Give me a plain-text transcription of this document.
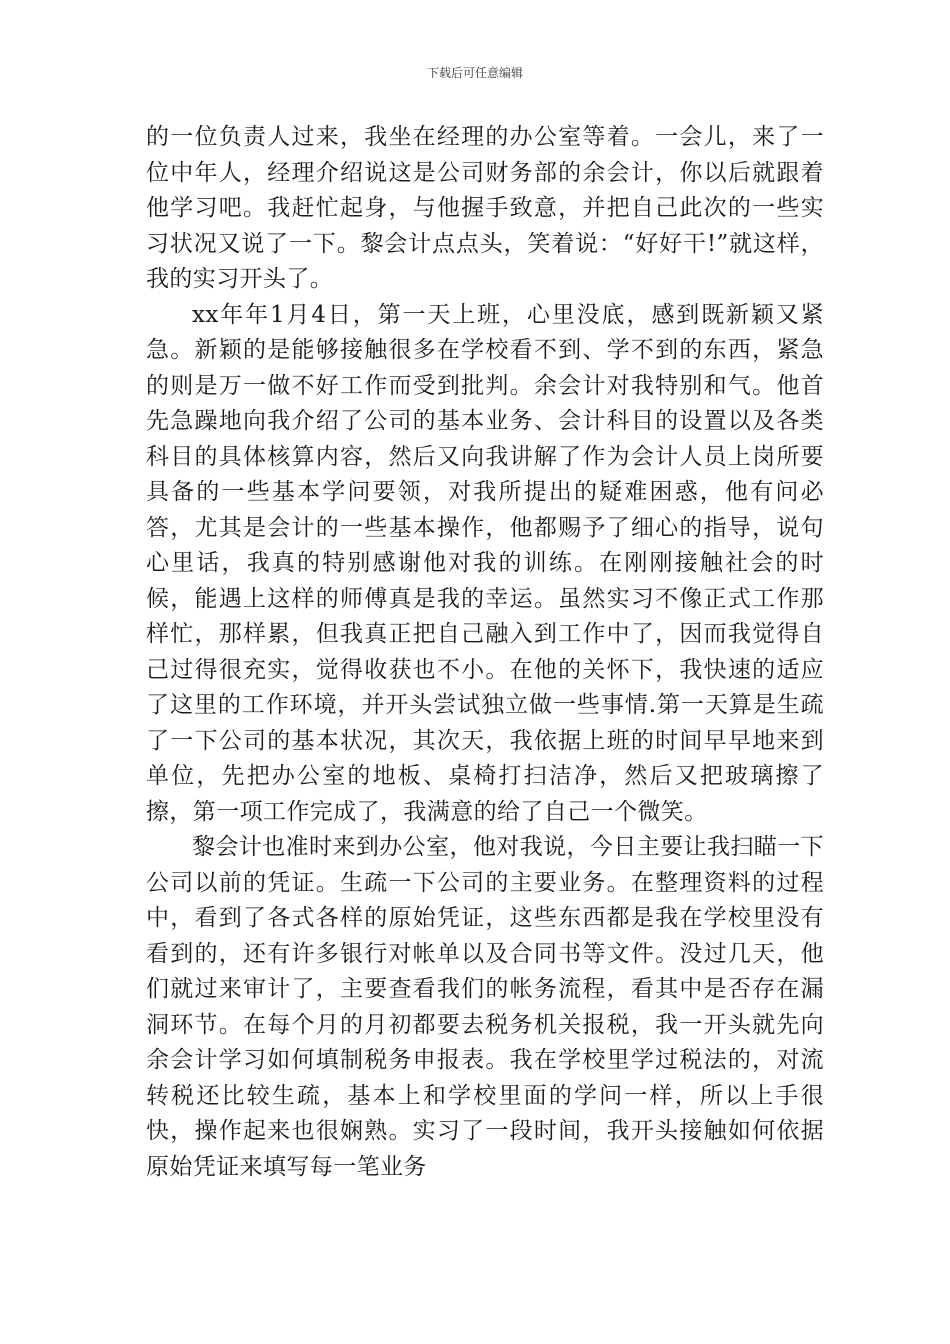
下载后可任意编辑

的一位负责人过来，我坐在经理的办公室等着。一会儿，来了一位中年人，经理介绍说这是公司财务部的余会计，你以后就跟着他学习吧。我赶忙起身，与他握手致意，并把自己此次的一些实习状况又说了一下。黎会计点点头，笑着说：“好好干!”就这样，我的实习开头了。

xx年年1月4日，第一天上班，心里没底，感到既新颖又紧急。新颖的是能够接触很多在学校看不到、学不到的东西，紧急的则是万一做不好工作而受到批判。余会计对我特别和气。他首先急躁地向我介绍了公司的基本业务、会计科目的设置以及各类科目的具体核算内容，然后又向我讲解了作为会计人员上岗所要具备的一些基本学问要领，对我所提出的疑难困惑，他有问必答，尤其是会计的一些基本操作，他都赐予了细心的指导，说句心里话，我真的特别感谢他对我的训练。在刚刚接触社会的时候，能遇上这样的师傅真是我的幸运。虽然实习不像正式工作那样忙，那样累，但我真正把自己融入到工作中了，因而我觉得自己过得很充实，觉得收获也不小。在他的关怀下，我快速的适应了这里的工作环境，并开头尝试独立做一些事情.第一天算是生疏了一下公司的基本状况，其次天，我依据上班的时间早早地来到单位，先把办公室的地板、桌椅打扫洁净，然后又把玻璃擦了擦，第一项工作完成了，我满意的给了自己一个微笑。

黎会计也准时来到办公室，他对我说，今日主要让我扫瞄一下公司以前的凭证。生疏一下公司的主要业务。在整理资料的过程中，看到了各式各样的原始凭证，这些东西都是我在学校里没有看到的，还有许多银行对帐单以及合同书等文件。没过几天，他们就过来审计了，主要查看我们的帐务流程，看其中是否存在漏洞环节。在每个月的月初都要去税务机关报税，我一开头就先向余会计学习如何填制税务申报表。我在学校里学过税法的，对流转税还比较生疏，基本上和学校里面的学问一样，所以上手很快，操作起来也很娴熟。实习了一段时间，我开头接触如何依据原始凭证来填写每一笔业务
